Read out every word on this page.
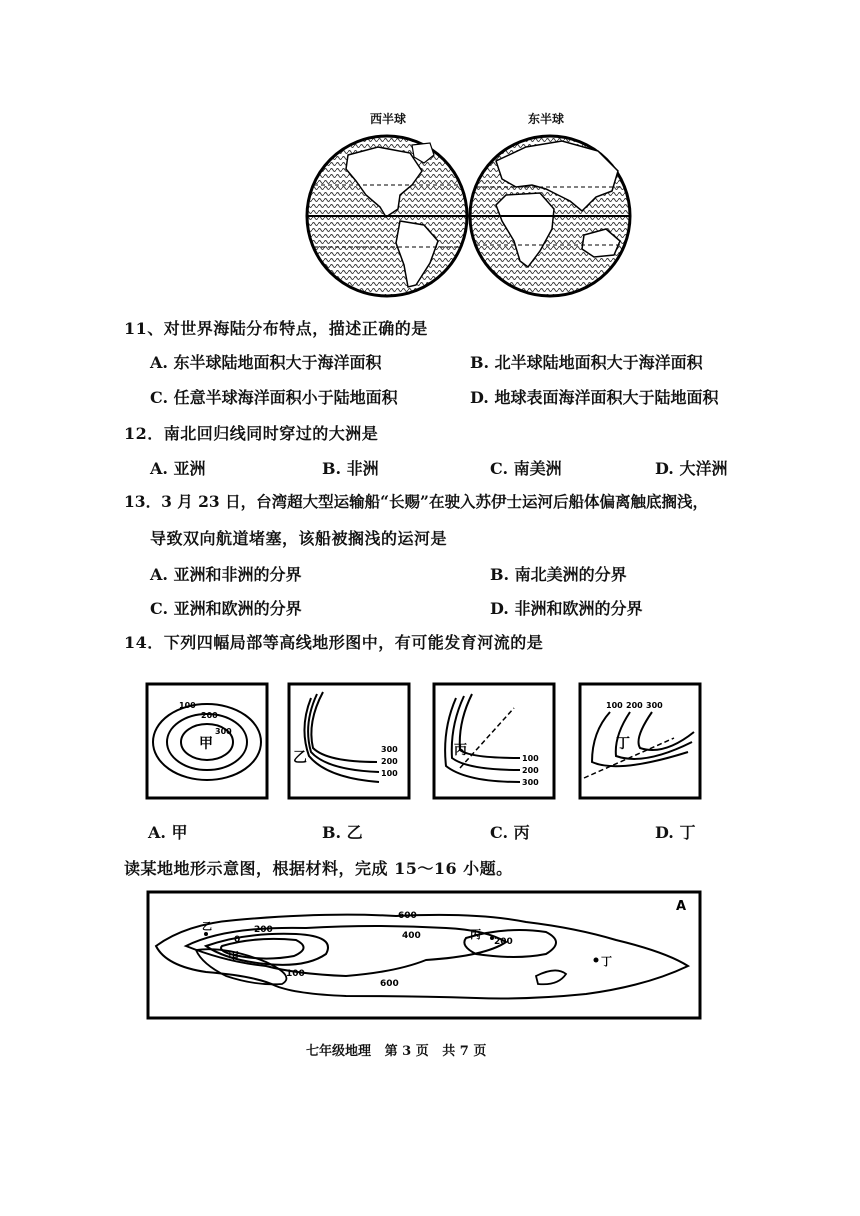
西半球	东半球
11、对世界海陆分布特点，描述正确的是
A. 东半球陆地面积大于海洋面积	B. 北半球陆地面积大于海洋面积
C. 任意半球海洋面积小于陆地面积	D. 地球表面海洋面积大于陆地面积
12．南北回归线同时穿过的大洲是
A. 亚洲	B. 非洲	C. 南美洲	D. 大洋洲
13．3 月 23 日，台湾超大型运输船“长赐”在驶入苏伊士运河后船体偏离触底搁浅，
导致双向航道堵塞，该船被搁浅的运河是
A. 亚洲和非洲的分界	B. 南北美洲的分界
C. 亚洲和欧洲的分界	D. 非洲和欧洲的分界
14．下列四幅局部等高线地形图中，有可能发育河流的是
100
200
300
甲	300
200
100
乙	100
200
300
丙
100 200 300
丁
A. 甲	B. 乙	C. 丙	D. 丁
读某地地形示意图，根据材料，完成 15～16 小题。
600
200
0	400
100
600
200
甲
丙
丁
乙
A
七年级地理 第 3 页 共 7 页
